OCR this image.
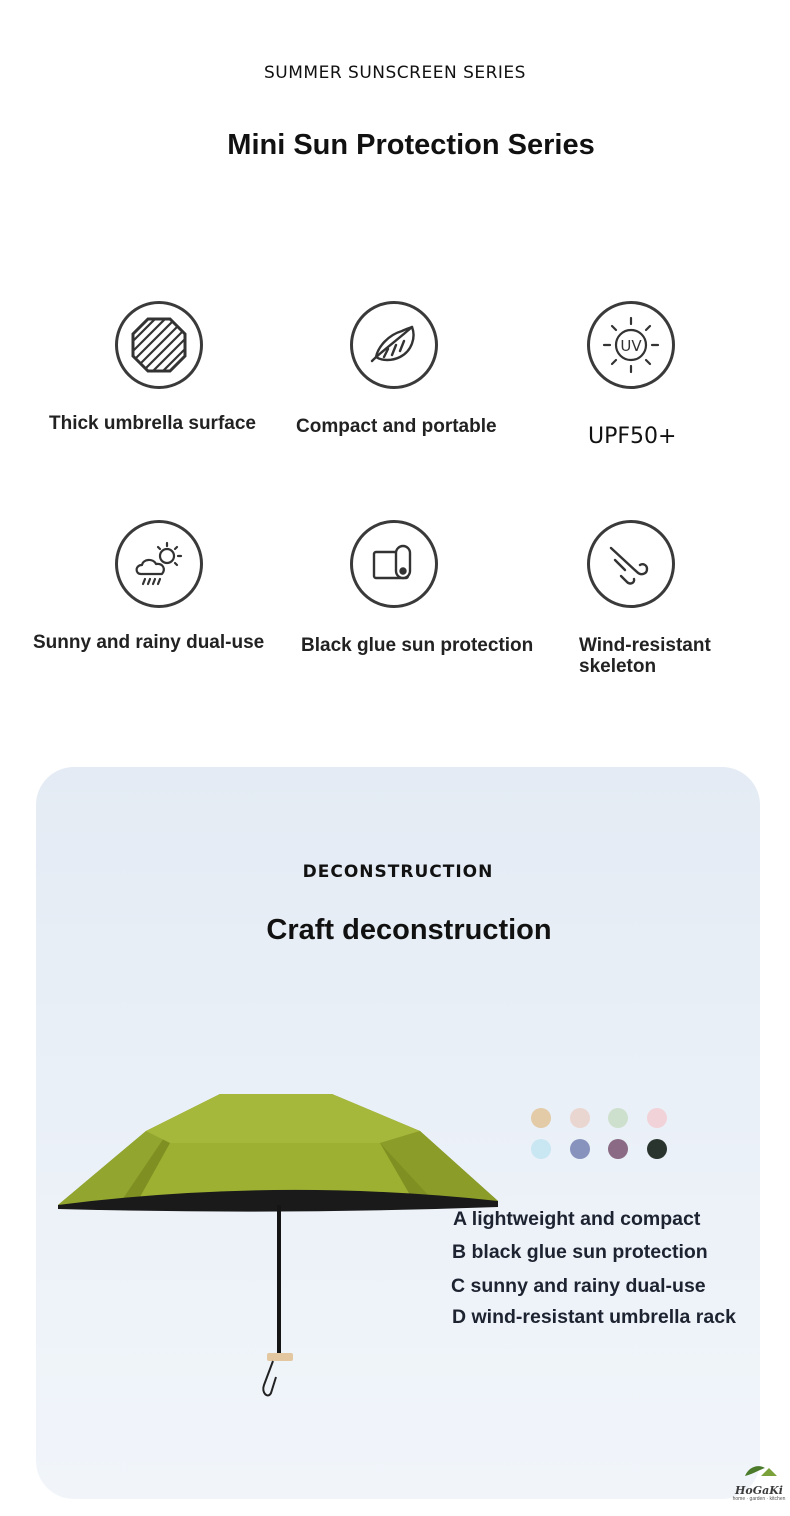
SUMMER SUNSCREEN SERIES
Mini Sun Protection Series
Thick umbrella surface Compact and portable
UV
UPF50+
Sunny and rainy dual-use Black glue sun protection Wind-resistant
skeleton
DECONSTRUCTION
Craft deconstruction
A lightweight and compact
B black glue sun protection
C sunny and rainy dual-use
D wind-resistant umbrella rack
HoGaKi
home · garden · kitchen
